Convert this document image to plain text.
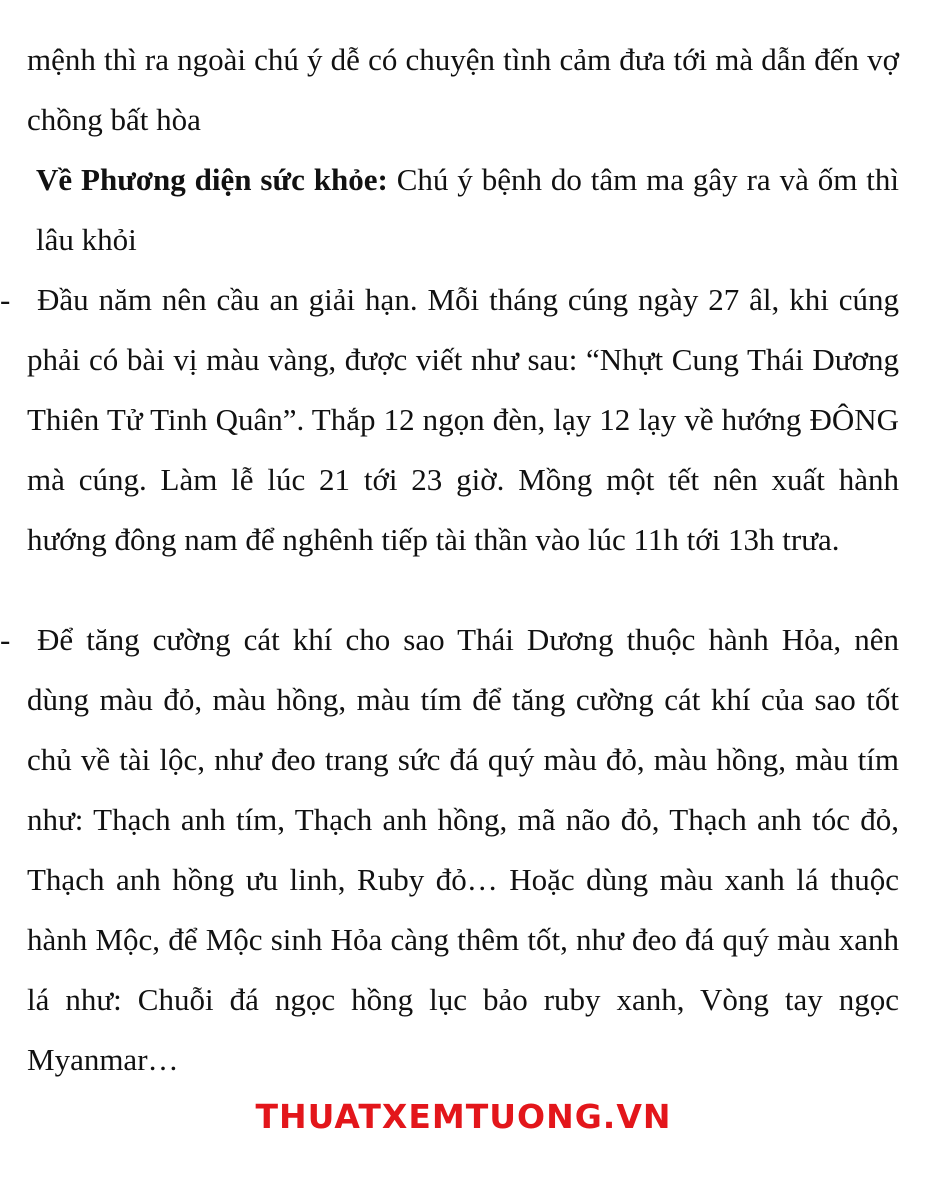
mệnh thì ra ngoài chú ý dễ có chuyện tình cảm đưa tới mà dẫn đến vợ chồng bất hòa

Về Phương diện sức khỏe: Chú ý bệnh do tâm ma gây ra và ốm thì lâu khỏi

- Đầu năm nên cầu an giải hạn. Mỗi tháng cúng ngày 27 âl, khi cúng phải có bài vị màu vàng, được viết như sau: “Nhựt Cung Thái Dương Thiên Tử Tinh Quân”. Thắp 12 ngọn đèn, lạy 12 lạy về hướng ĐÔNG mà cúng. Làm lễ lúc 21 tới 23 giờ. Mồng một tết nên xuất hành hướng đông nam để nghênh tiếp tài thần vào lúc 11h tới 13h trưa.

- Để tăng cường cát khí cho sao Thái Dương thuộc hành Hỏa, nên dùng màu đỏ, màu hồng, màu tím để tăng cường cát khí của sao tốt chủ về tài lộc, như đeo trang sức đá quý màu đỏ, màu hồng, màu tím như: Thạch anh tím, Thạch anh hồng, mã não đỏ, Thạch anh tóc đỏ, Thạch anh hồng ưu linh, Ruby đỏ… Hoặc dùng màu xanh lá thuộc hành Mộc, để Mộc sinh Hỏa càng thêm tốt, như đeo đá quý màu xanh lá như: Chuỗi đá ngọc hồng lục bảo ruby xanh, Vòng tay ngọc Myanmar…

THUATXEMTUONG.VN
